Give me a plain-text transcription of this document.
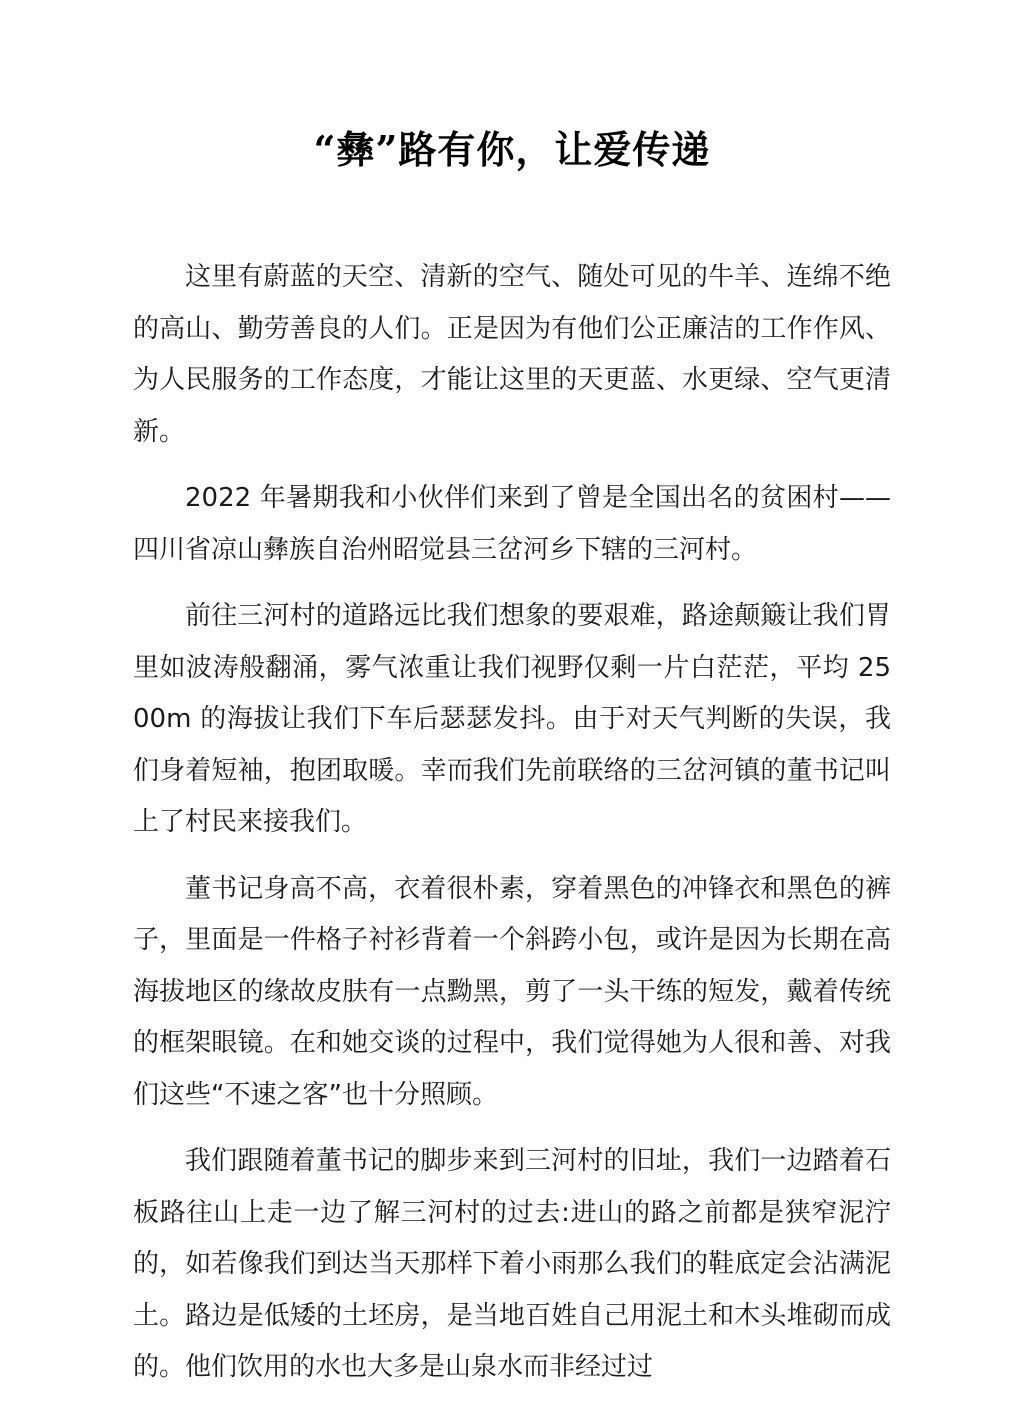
“彝”路有你，让爱传递

这里有蔚蓝的天空、清新的空气、随处可见的牛羊、连绵不绝的高山、勤劳善良的人们。正是因为有他们公正廉洁的工作作风、为人民服务的工作态度，才能让这里的天更蓝、水更绿、空气更清新。

2022 年暑期我和小伙伴们来到了曾是全国出名的贫困村——四川省凉山彝族自治州昭觉县三岔河乡下辖的三河村。

前往三河村的道路远比我们想象的要艰难，路途颠簸让我们胃里如波涛般翻涌，雾气浓重让我们视野仅剩一片白茫茫，平均 2500m 的海拔让我们下车后瑟瑟发抖。由于对天气判断的失误，我们身着短袖，抱团取暖。幸而我们先前联络的三岔河镇的董书记叫上了村民来接我们。

董书记身高不高，衣着很朴素，穿着黑色的冲锋衣和黑色的裤子，里面是一件格子衬衫背着一个斜跨小包，或许是因为长期在高海拔地区的缘故皮肤有一点黝黑，剪了一头干练的短发，戴着传统的框架眼镜。在和她交谈的过程中，我们觉得她为人很和善、对我们这些“不速之客”也十分照顾。

我们跟随着董书记的脚步来到三河村的旧址，我们一边踏着石板路往山上走一边了解三河村的过去:进山的路之前都是狭窄泥泞的，如若像我们到达当天那样下着小雨那么我们的鞋底定会沾满泥土。路边是低矮的土坯房，是当地百姓自己用泥土和木头堆砌而成的。他们饮用的水也大多是山泉水而非经过过
